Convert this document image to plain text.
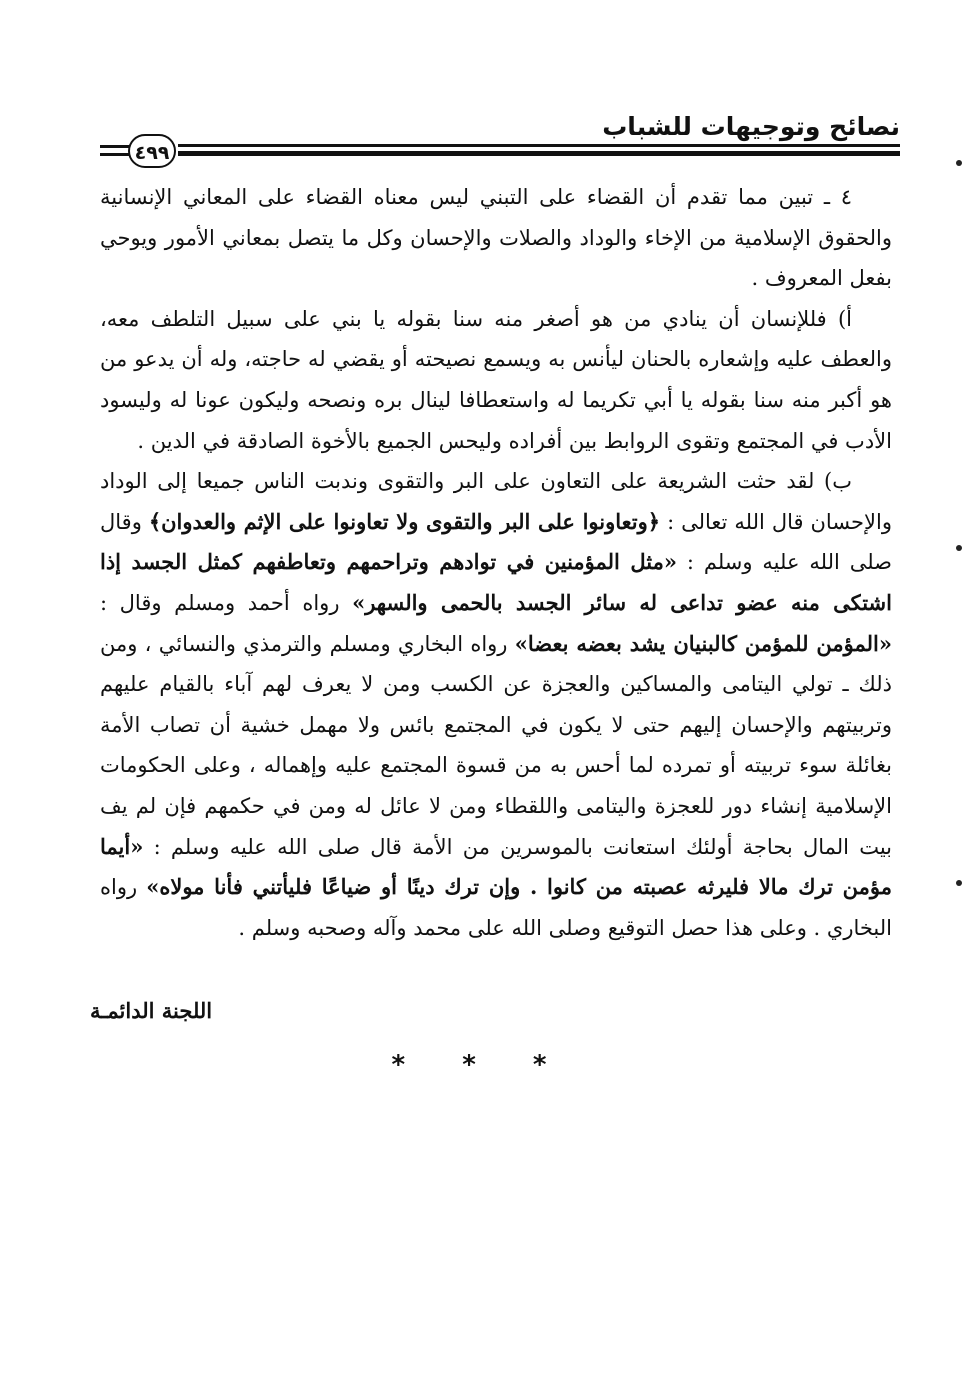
نصائح وتوجيهات للشباب
٤٩٩

٤ ـ تبين مما تقدم أن القضاء على التبني ليس معناه القضاء على المعاني الإنسانية والحقوق الإسلامية من الإخاء والوداد والصلات والإحسان وكل ما يتصل بمعاني الأمور ويوحي بفعل المعروف .

أ) فللإنسان أن ينادي من هو أصغر منه سنا بقوله يا بني على سبيل التلطف معه، والعطف عليه وإشعاره بالحنان ليأنس به ويسمع نصيحته أو يقضي له حاجته، وله أن يدعو من هو أكبر منه سنا بقوله يا أبي تكريما له واستعطافا لينال بره ونصحه وليكون عونا له وليسود الأدب في المجتمع وتقوى الروابط بين أفراده وليحس الجميع بالأخوة الصادقة في الدين .

ب) لقد حثت الشريعة على التعاون على البر والتقوى وندبت الناس جميعا إلى الوداد والإحسان قال الله تعالى : ﴿وتعاونوا على البر والتقوى ولا تعاونوا على الإثم والعدوان﴾ وقال صلى الله عليه وسلم : «مثل المؤمنين في توادهم وتراحمهم وتعاطفهم كمثل الجسد إذا اشتكى منه عضو تداعى له سائر الجسد بالحمى والسهر» رواه أحمد ومسلم وقال : «المؤمن للمؤمن كالبنيان يشد بعضه بعضا» رواه البخاري ومسلم والترمذي والنسائي ، ومن ذلك ـ تولي اليتامى والمساكين والعجزة عن الكسب ومن لا يعرف لهم آباء بالقيام عليهم وتربيتهم والإحسان إليهم حتى لا يكون في المجتمع بائس ولا مهمل خشية أن تصاب الأمة بغائلة سوء تربيته أو تمرده لما أحس به من قسوة المجتمع عليه وإهماله ، وعلى الحكومات الإسلامية إنشاء دور للعجزة واليتامى واللقطاء ومن لا عائل له ومن في حكمهم فإن لم يف بيت المال بحاجة أولئك استعانت بالموسرين من الأمة قال صلى الله عليه وسلم : «أيما مؤمن ترك مالا فليرثه عصبته من كانوا . وإن ترك دينًا أو ضياعًا فليأتني فأنا مولاه» رواه البخاري . وعلى هذا حصل التوقيع وصلى الله على محمد وآله وصحبه وسلم .

اللجنة الدائمـة
* * *
